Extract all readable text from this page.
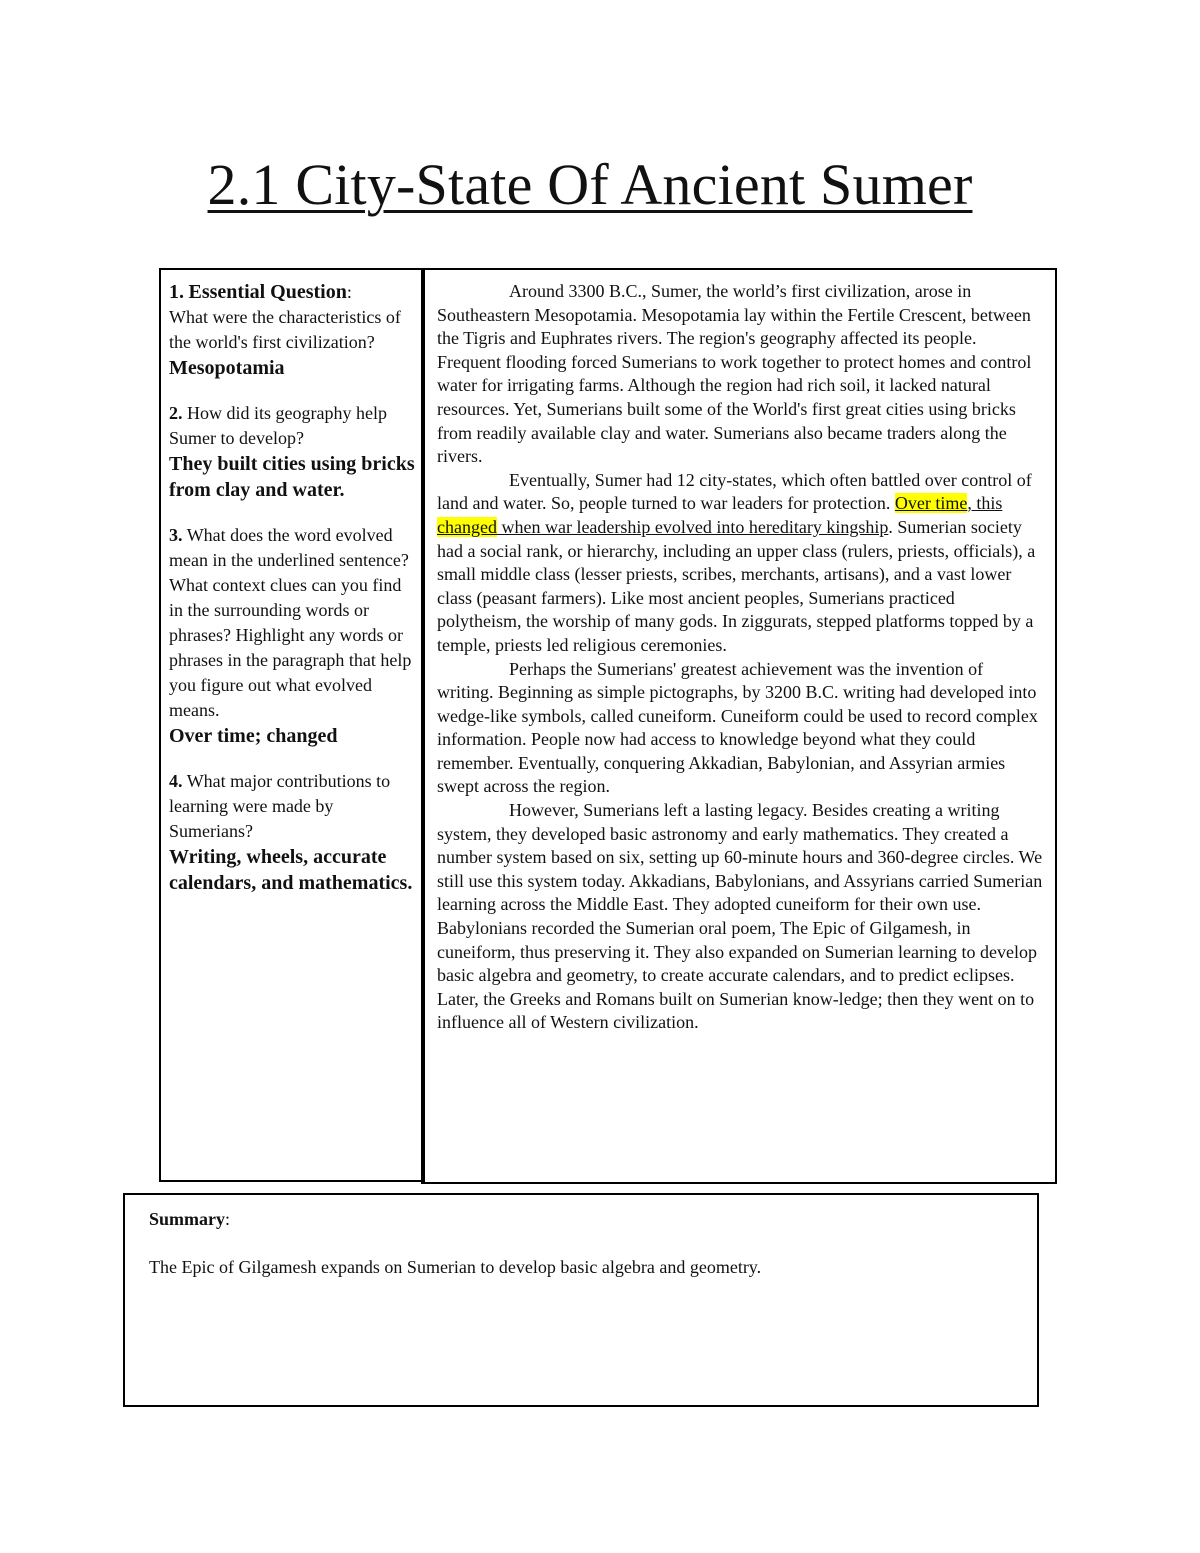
2.1 City-State Of Ancient Sumer
1. Essential Question:
What were the characteristics of the world's first civilization?
Mesopotamia
2. How did its geography help Sumer to develop?
They built cities using bricks from clay and water.
3. What does the word evolved mean in the underlined sentence? What context clues can you find in the surrounding words or phrases? Highlight any words or phrases in the paragraph that help you figure out what evolved means.
Over time; changed
4. What major contributions to learning were made by Sumerians?
Writing, wheels, accurate calendars, and mathematics.

Around 3300 B.C., Sumer, the world’s first civilization, arose in Southeastern Mesopotamia. Mesopotamia lay within the Fertile Crescent, between the Tigris and Euphrates rivers. The region's geography affected its people. Frequent flooding forced Sumerians to work together to protect homes and control water for irrigating farms. Although the region had rich soil, it lacked natural resources. Yet, Sumerians built some of the World's first great cities using bricks from readily available clay and water. Sumerians also became traders along the rivers.

Eventually, Sumer had 12 city-states, which often battled over control of land and water. So, people turned to war leaders for protection. Over time, this changed when war leadership evolved into hereditary kingship. Sumerian society had a social rank, or hierarchy, including an upper class (rulers, priests, officials), a small middle class (lesser priests, scribes, merchants, artisans), and a vast lower class (peasant farmers). Like most ancient peoples, Sumerians practiced polytheism, the worship of many gods. In ziggurats, stepped platforms topped by a temple, priests led religious ceremonies.

Perhaps the Sumerians' greatest achievement was the invention of writing. Beginning as simple pictographs, by 3200 B.C. writing had developed into wedge-like symbols, called cuneiform. Cuneiform could be used to record complex information. People now had access to knowledge beyond what they could remember. Eventually, conquering Akkadian, Babylonian, and Assyrian armies swept across the region.

However, Sumerians left a lasting legacy. Besides creating a writing system, they developed basic astronomy and early mathematics. They created a number system based on six, setting up 60-minute hours and 360-degree circles. We still use this system today. Akkadians, Babylonians, and Assyrians carried Sumerian learning across the Middle East. They adopted cuneiform for their own use. Babylonians recorded the Sumerian oral poem, The Epic of Gilgamesh, in cuneiform, thus preserving it. They also expanded on Sumerian learning to develop basic algebra and geometry, to create accurate calendars, and to predict eclipses. Later, the Greeks and Romans built on Sumerian know-ledge; then they went on to influence all of Western civilization.

Summary:
The Epic of Gilgamesh expands on Sumerian to develop basic algebra and geometry.
